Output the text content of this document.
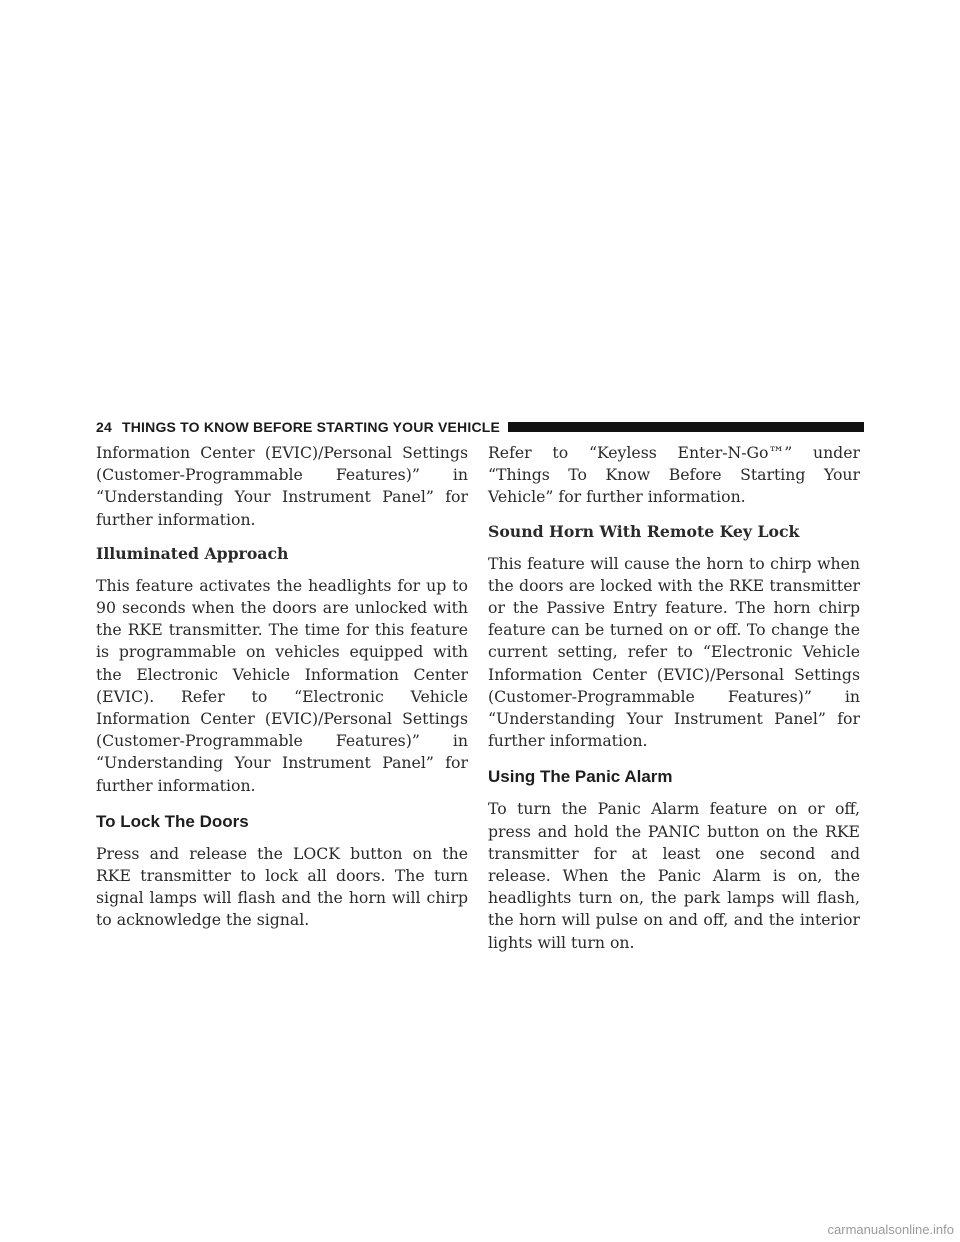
24 THINGS TO KNOW BEFORE STARTING YOUR VEHICLE

Information Center (EVIC)/Personal Settings (Customer-Programmable Features)” in “Understanding Your Instrument Panel” for further information.

Illuminated Approach

This feature activates the headlights for up to 90 seconds when the doors are unlocked with the RKE transmitter. The time for this feature is programmable on vehicles equipped with the Electronic Vehicle Information Center (EVIC). Refer to “Electronic Vehicle Information Center (EVIC)/Personal Settings (Customer-Programmable Features)” in “Understanding Your Instrument Panel” for further information.

To Lock The Doors

Press and release the LOCK button on the RKE transmitter to lock all doors. The turn signal lamps will flash and the horn will chirp to acknowledge the signal.

Refer to “Keyless Enter-N-Go™” under “Things To Know Before Starting Your Vehicle” for further information.

Sound Horn With Remote Key Lock

This feature will cause the horn to chirp when the doors are locked with the RKE transmitter or the Passive Entry feature. The horn chirp feature can be turned on or off. To change the current setting, refer to “Electronic Vehicle Information Center (EVIC)/Personal Settings (Customer-Programmable Features)” in “Understanding Your Instrument Panel” for further information.

Using The Panic Alarm

To turn the Panic Alarm feature on or off, press and hold the PANIC button on the RKE transmitter for at least one second and release. When the Panic Alarm is on, the headlights turn on, the park lamps will flash, the horn will pulse on and off, and the interior lights will turn on.

carmanualsonline.info
